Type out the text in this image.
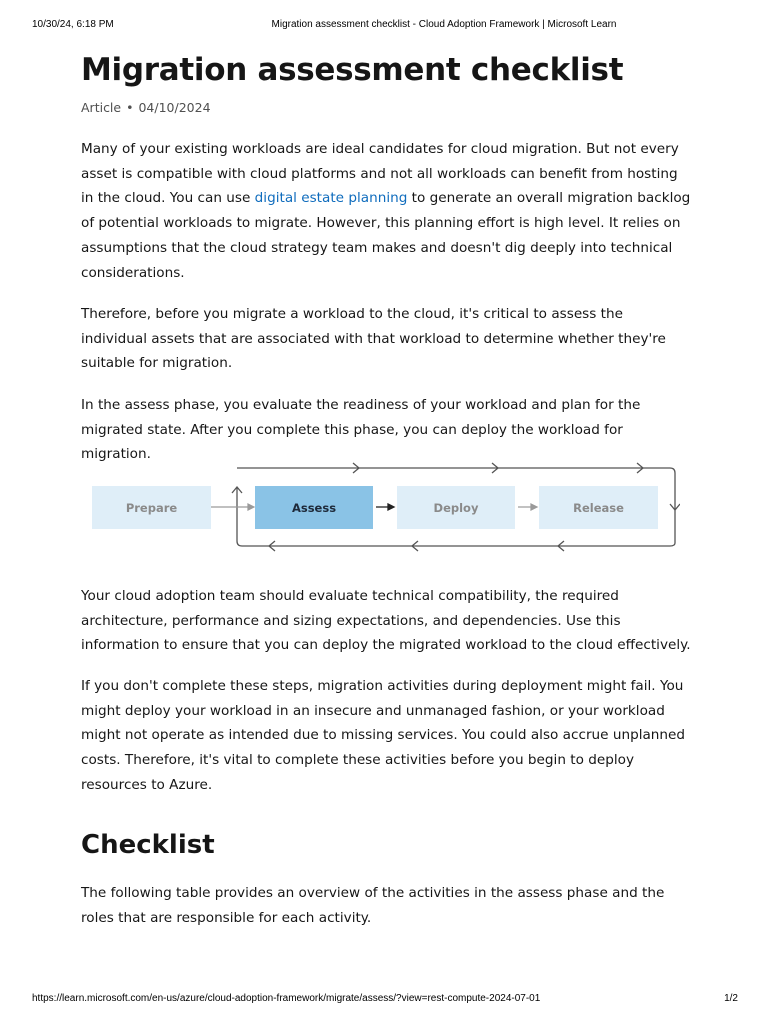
10/30/24, 6:18 PM	Migration assessment checklist - Cloud Adoption Framework | Microsoft Learn
Migration assessment checklist
Article • 04/10/2024

Many of your existing workloads are ideal candidates for cloud migration. But not every asset is compatible with cloud platforms and not all workloads can benefit from hosting in the cloud. You can use digital estate planning to generate an overall migration backlog of potential workloads to migrate. However, this planning effort is high level. It relies on assumptions that the cloud strategy team makes and doesn't dig deeply into technical considerations.

Therefore, before you migrate a workload to the cloud, it's critical to assess the individual assets that are associated with that workload to determine whether they're suitable for migration.

In the assess phase, you evaluate the readiness of your workload and plan for the migrated state. After you complete this phase, you can deploy the workload for migration.

Prepare	Assess	Deploy	Release

Your cloud adoption team should evaluate technical compatibility, the required architecture, performance and sizing expectations, and dependencies. Use this information to ensure that you can deploy the migrated workload to the cloud effectively.

If you don't complete these steps, migration activities during deployment might fail. You might deploy your workload in an insecure and unmanaged fashion, or your workload might not operate as intended due to missing services. You could also accrue unplanned costs. Therefore, it's vital to complete these activities before you begin to deploy resources to Azure.

Checklist

The following table provides an overview of the activities in the assess phase and the roles that are responsible for each activity.

https://learn.microsoft.com/en-us/azure/cloud-adoption-framework/migrate/assess/?view=rest-compute-2024-07-01	1/2
